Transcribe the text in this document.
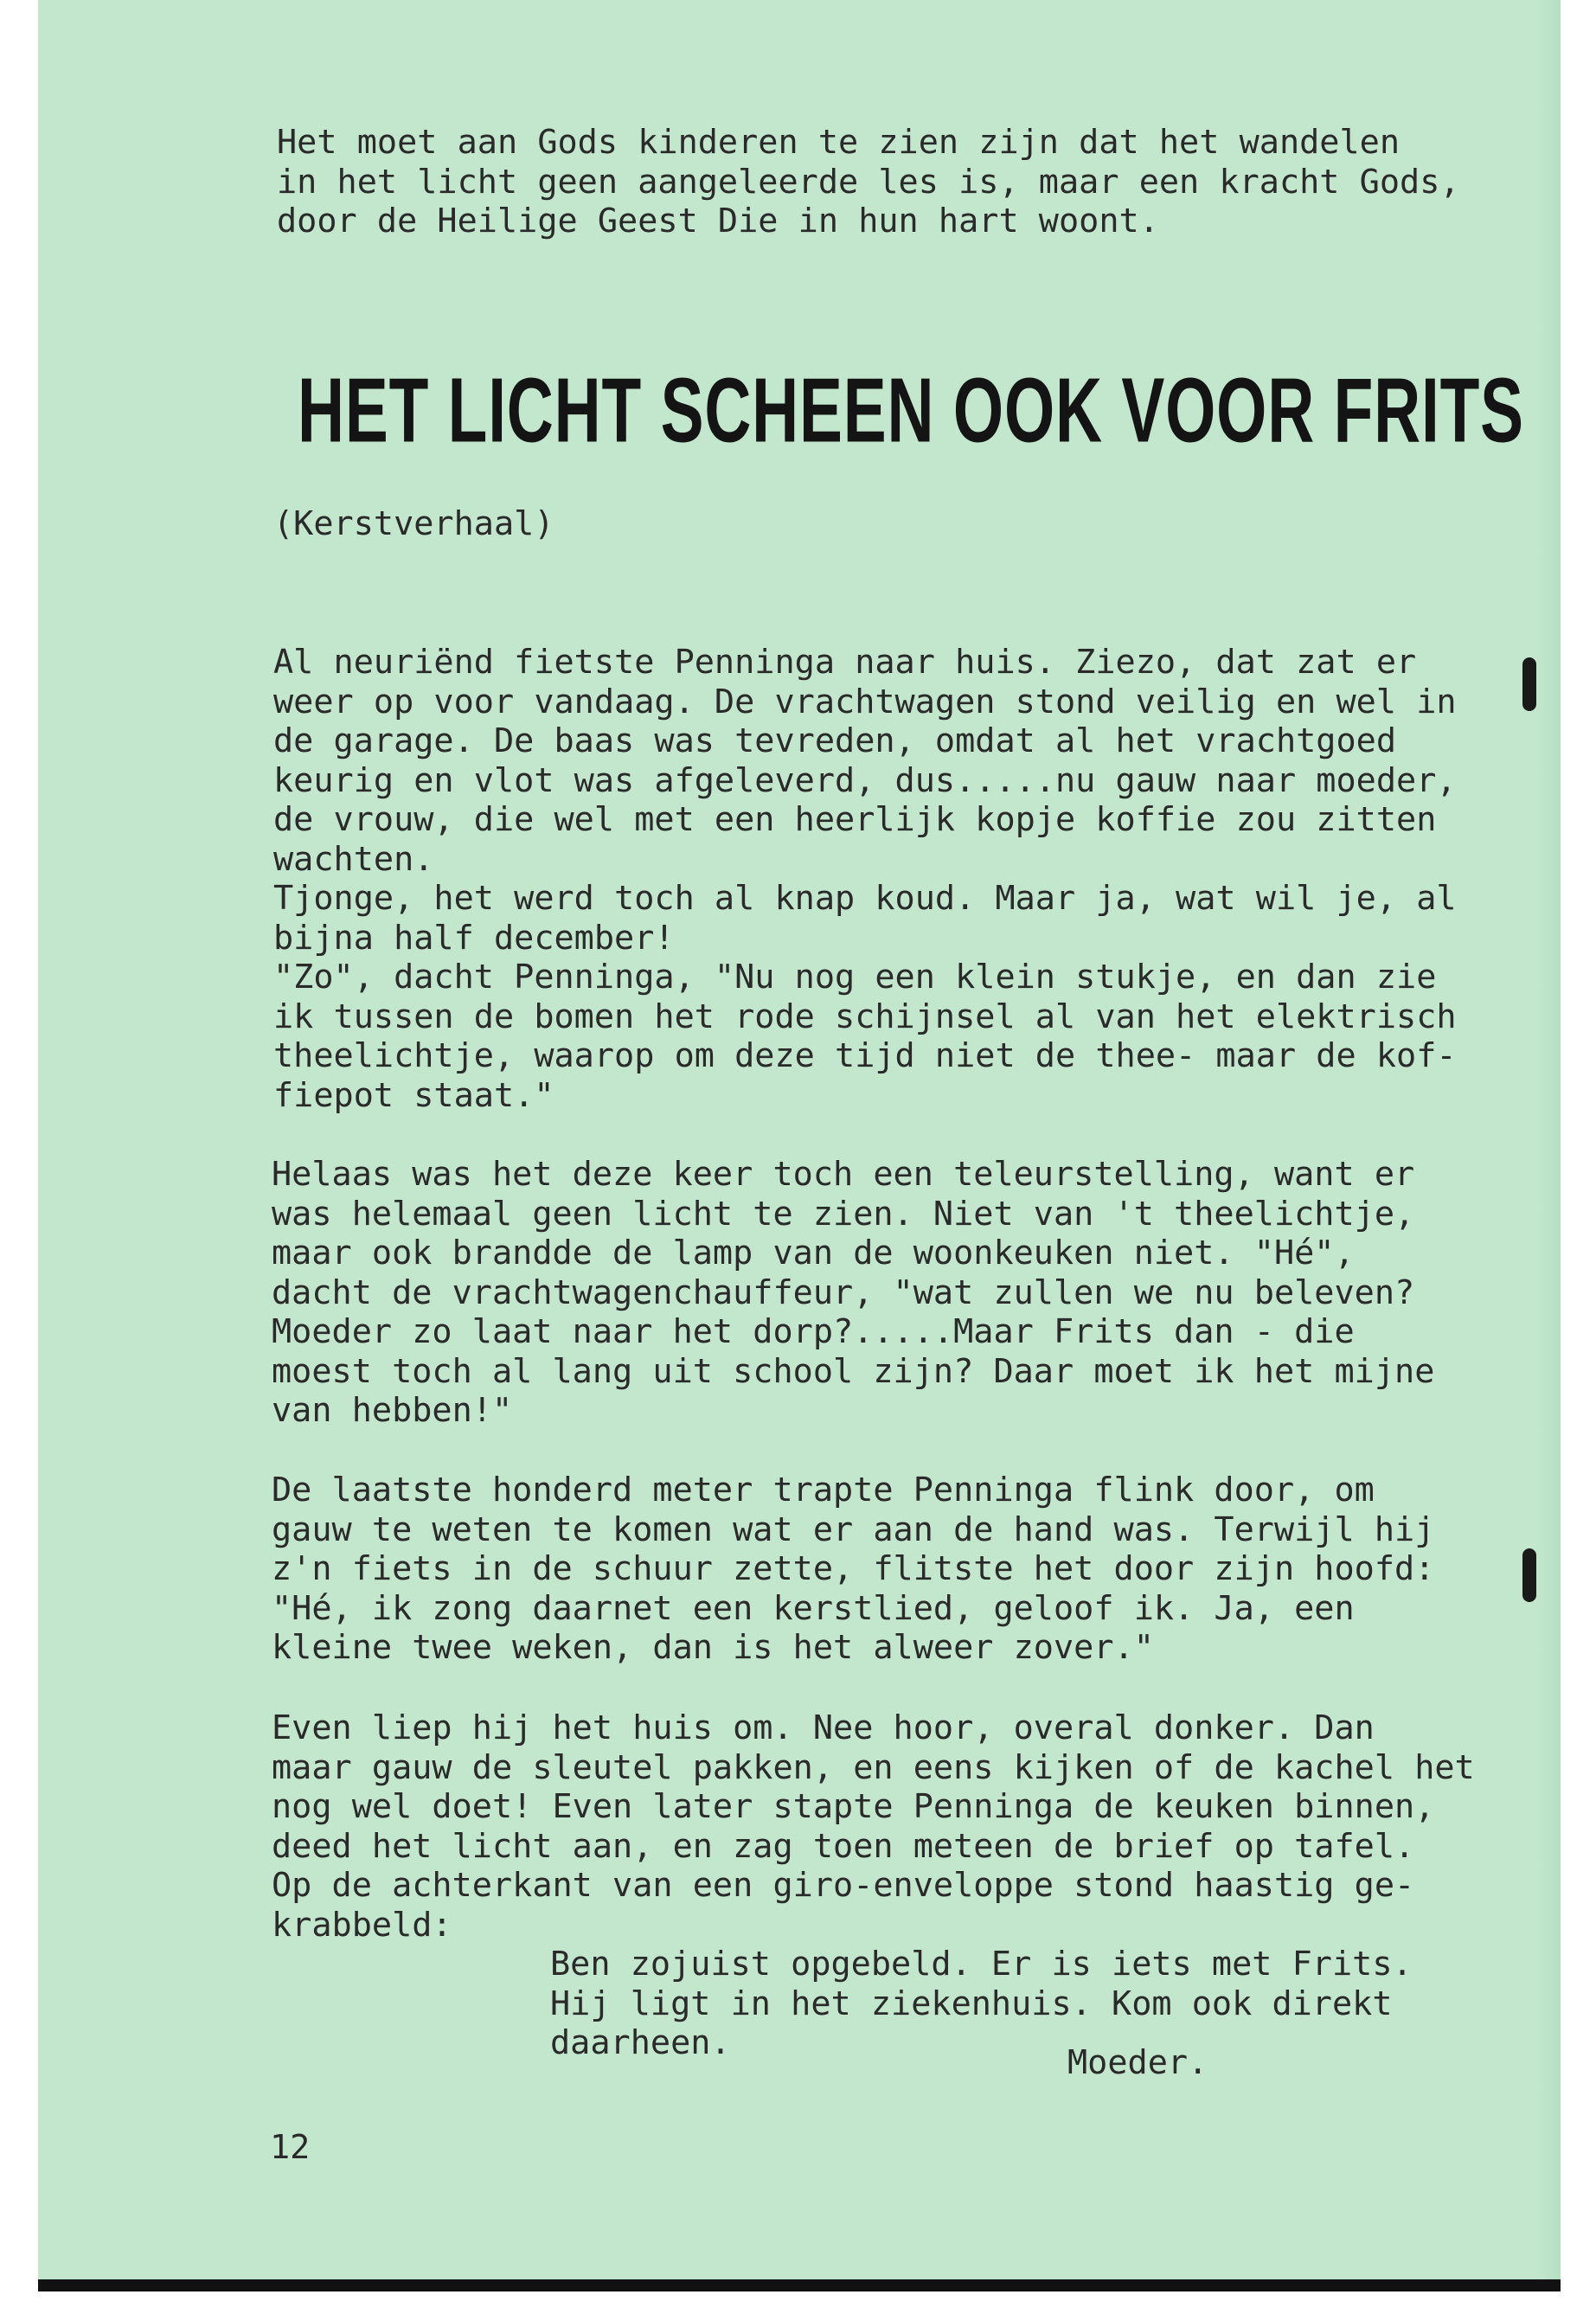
Het moet aan Gods kinderen te zien zijn dat het wandelen
in het licht geen aangeleerde les is, maar een kracht Gods,
door de Heilige Geest Die in hun hart woont.
HET LICHT SCHEEN OOK VOOR FRITS
(Kerstverhaal)
Al neuriënd fietste Penninga naar huis. Ziezo, dat zat er
weer op voor vandaag. De vrachtwagen stond veilig en wel in
de garage. De baas was tevreden, omdat al het vrachtgoed
keurig en vlot was afgeleverd, dus.....nu gauw naar moeder,
de vrouw, die wel met een heerlijk kopje koffie zou zitten
wachten.
Tjonge, het werd toch al knap koud. Maar ja, wat wil je, al
bijna half december!
"Zo", dacht Penninga, "Nu nog een klein stukje, en dan zie
ik tussen de bomen het rode schijnsel al van het elektrisch
theelichtje, waarop om deze tijd niet de thee- maar de kof-
fiepot staat."
Helaas was het deze keer toch een teleurstelling, want er
was helemaal geen licht te zien. Niet van 't theelichtje,
maar ook brandde de lamp van de woonkeuken niet. "Hé",
dacht de vrachtwagenchauffeur, "wat zullen we nu beleven?
Moeder zo laat naar het dorp?.....Maar Frits dan - die
moest toch al lang uit school zijn? Daar moet ik het mijne
van hebben!"
De laatste honderd meter trapte Penninga flink door, om
gauw te weten te komen wat er aan de hand was. Terwijl hij
z'n fiets in de schuur zette, flitste het door zijn hoofd:
"Hé, ik zong daarnet een kerstlied, geloof ik. Ja, een
kleine twee weken, dan is het alweer zover."
Even liep hij het huis om. Nee hoor, overal donker. Dan
maar gauw de sleutel pakken, en eens kijken of de kachel het
nog wel doet! Even later stapte Penninga de keuken binnen,
deed het licht aan, en zag toen meteen de brief op tafel.
Op de achterkant van een giro-enveloppe stond haastig ge-
krabbeld:
Ben zojuist opgebeld. Er is iets met Frits.
Hij ligt in het ziekenhuis. Kom ook direkt
daarheen.
Moeder.
12
